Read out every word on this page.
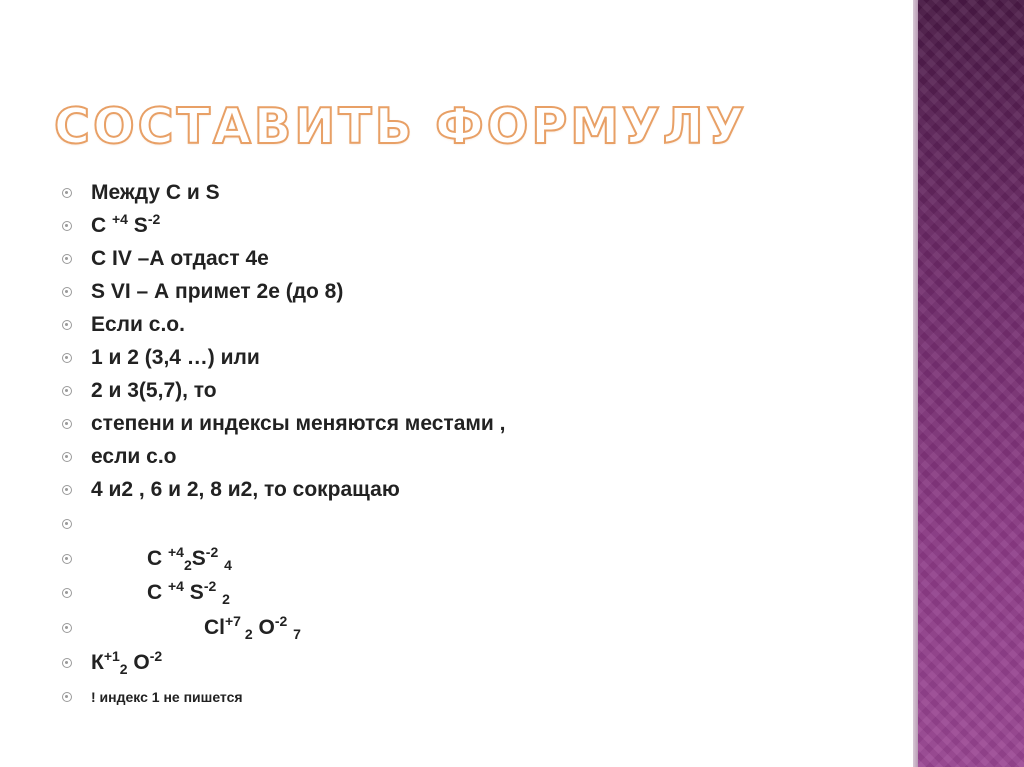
СОСТАВИТЬ ФОРМУЛУ
Между С и S
С $^{+4}$ $S^{-2}$
С IV –А отдаст 4е
S VI – А примет 2е (до 8)
Если с.о.
1 и 2 (3,4 …) или
2 и 3(5,7), то
степени и индексы меняются местами ,
если с.о
4 и2 , 6 и 2, 8 и2, то сокращаю
С $^{+4}_2S^{-2}$ $_4$
С $^{+4}$ $S^{-2}$ $_2$
$Cl^{+7}$ $_2$ $O^{-2}$ $_7$
$К^{+1}_2$ $O^{-2}$
! индекс 1 не пишется
